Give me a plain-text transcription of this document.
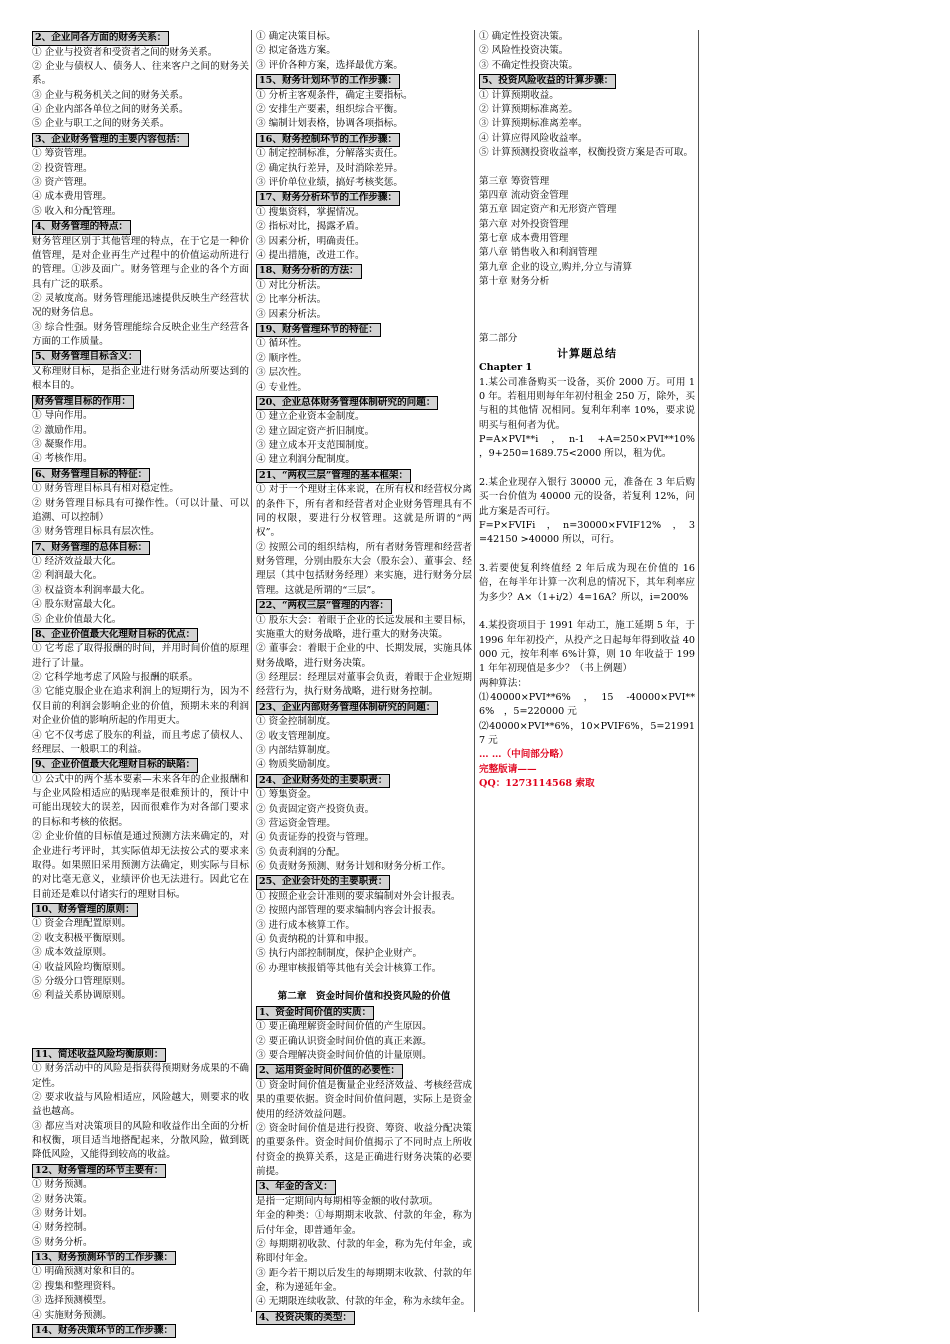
2、企业同各方面的财务关系：
① 企业与投资者和受资者之间的财务关系。
② 企业与债权人、债务人、往来客户之间的财务关系。
③ 企业与税务机关之间的财务关系。
④ 企业内部各单位之间的财务关系。
⑤ 企业与职工之间的财务关系。
3、企业财务管理的主要内容包括：
① 筹资管理。
② 投资管理。
③ 资产管理。
④ 成本费用管理。
⑤ 收入和分配管理。
4、财务管理的特点：
财务管理区别于其他管理的特点，在于它是一种价值管理，是对企业再生产过程中的价值运动所进行的管理。①涉及面广。财务管理与企业的各个方面具有广泛的联系。
② 灵敏度高。财务管理能迅速提供反映生产经营状况的财务信息。
③ 综合性强。财务管理能综合反映企业生产经营各方面的工作质量。
5、财务管理目标含义：
又称理财目标，是指企业进行财务活动所要达到的根本目的。
财务管理目标的作用：
① 导向作用。
② 激励作用。
③ 凝聚作用。
④ 考核作用。
6、财务管理目标的特征：
① 财务管理目标具有相对稳定性。
② 财务管理目标具有可操作性。（可以计量、可以追溯、可以控制）
③ 财务管理目标具有层次性。
7、财务管理的总体目标：
① 经济效益最大化。
② 利润最大化。
③ 权益资本利润率最大化。
④ 股东财富最大化。
⑤ 企业价值最大化。
8、企业价值最大化理财目标的优点：
① 它考虑了取得报酬的时间，并用时间价值的原理进行了计量。
② 它科学地考虑了风险与报酬的联系。
③ 它能克服企业在追求利润上的短期行为，因为不仅目前的利润会影响企业的价值，预期未来的利润对企业价值的影响所起的作用更大。
④ 它不仅考虑了股东的利益，而且考虑了债权人、经理层、一般职工的利益。
9、企业价值最大化理财目标的缺陷：
① 公式中的两个基本要素—未来各年的企业报酬和与企业风险相适应的贴现率是很难预计的，预计中可能出现较大的误差，因而很难作为对各部门要求的目标和考核的依据。
② 企业价值的目标值是通过预测方法来确定的，对企业进行考评时，其实际值却无法按公式的要求来取得。如果照旧采用预测方法确定，则实际与目标的对比毫无意义，业绩评价也无法进行。因此它在目前还是难以付诸实行的理财目标。
10、财务管理的原则：
① 资金合理配置原则。
② 收支积极平衡原则。
③ 成本效益原则。
④ 收益风险均衡原则。
⑤ 分级分口管理原则。
⑥ 利益关系协调原则。
11、简述收益风险均衡原则：
① 财务活动中的风险是指获得预期财务成果的不确定性。
② 要求收益与风险相适应，风险越大，则要求的收益也越高。
③ 都应当对决策项目的风险和收益作出全面的分析和权衡，项目适当地搭配起来，分散风险，做到既降低风险，又能得到较高的收益。
12、财务管理的环节主要有：
① 财务预测。
② 财务决策。
③ 财务计划。
④ 财务控制。
⑤ 财务分析。
13、财务预测环节的工作步骤：
① 明确预测对象和目的。
② 搜集和整理资料。
③ 选择预测模型。
④ 实施财务预测。
14、财务决策环节的工作步骤：
① 确定决策目标。
② 拟定备选方案。
③ 评价各种方案，选择最优方案。
15、财务计划环节的工作步骤：
① 分析主客观条件，确定主要指标。
② 安排生产要素，组织综合平衡。
③ 编制计划表格，协调各项指标。
16、财务控制环节的工作步骤：
① 制定控制标准，分解落实责任。
② 确定执行差异，及时消除差异。
③ 评价单位业绩，搞好考核奖惩。
17、财务分析环节的工作步骤：
① 搜集资料，掌握情况。
② 指标对比，揭露矛盾。
③ 因素分析，明确责任。
④ 提出措施，改进工作。
18、财务分析的方法：
① 对比分析法。
② 比率分析法。
③ 因素分析法。
19、财务管理环节的特征：
① 循环性。
② 顺序性。
③ 层次性。
④ 专业性。
20、企业总体财务管理体制研究的问题：
① 建立企业资本金制度。
② 建立固定资产折旧制度。
③ 建立成本开支范围制度。
④ 建立利润分配制度。
21、“两权三层”管理的基本框架：
① 对于一个理财主体来说，在所有权和经营权分离的条件下，所有者和经营者对企业财务管理具有不同的权限，要进行分权管理。这就是所谓的“两权”。
② 按照公司的组织结构，所有者财务管理和经营者财务管理，分别由股东大会（股东会）、董事会、经理层（其中包括财务经理）来实施，进行财务分层管理。这就是所谓的“三层”。
22、“两权三层”管理的内容：
① 股东大会：着眼于企业的长远发展和主要目标，实施重大的财务战略，进行重大的财务决策。
② 董事会：着眼于企业的中、长期发展，实施具体财务战略，进行财务决策。
③ 经理层：经理层对董事会负责，着眼于企业短期经营行为，执行财务战略，进行财务控制。
23、企业内部财务管理体制研究的问题：
① 资金控制制度。
② 收支管理制度。
③ 内部结算制度。
④ 物质奖励制度。
24、企业财务处的主要职责：
① 筹集资金。
② 负责固定资产投资负责。
③ 营运资金管理。
④ 负责证券的投资与管理。
⑤ 负责利润的分配。
⑥ 负责财务预测、财务计划和财务分析工作。
25、企业会计处的主要职责：
① 按照企业会计准则的要求编制对外会计报表。
② 按照内部管理的要求编制内容会计报表。
③ 进行成本核算工作。
④ 负责纳税的计算和申报。
⑤ 执行内部控制制度，保护企业财产。
⑥ 办理审核报销等其他有关会计核算工作。
第二章　资金时间价值和投资风险的价值
1、资金时间价值的实质：
① 要正确理解资金时间价值的产生原因。
② 要正确认识资金时间价值的真正来源。
③ 要合理解决资金时间价值的计量原则。
2、运用资金时间价值的必要性：
① 资金时间价值是衡量企业经济效益、考核经营成果的重要依据。资金时间价值问题，实际上是资金使用的经济效益问题。
② 资金时间价值是进行投资、筹资、收益分配决策的重要条件。资金时间价值揭示了不同时点上所收付资金的换算关系，这是正确进行财务决策的必要前提。
3、年金的含义：
是指一定期间内每期相等金额的收付款项。
年金的种类：①每期期末收款、付款的年金，称为后付年金，即普通年金。
② 每期期初收款、付款的年金，称为先付年金，或称即付年金。
③ 距今若干期以后发生的每期期末收款、付款的年金，称为递延年金。
④ 无期限连续收款、付款的年金，称为永续年金。
4、投资决策的类型：
① 确定性投资决策。
② 风险性投资决策。
③ 不确定性投资决策。
5、投资风险收益的计算步骤：
① 计算预期收益。
② 计算预期标准离差。
③ 计算预期标准离差率。
④ 计算应得风险收益率。
⑤ 计算预测投资收益率，权衡投资方案是否可取。
第三章 筹资管理
第四章 流动资金管理
第五章 固定资产和无形资产管理
第六章 对外投资管理
第七章 成本费用管理
第八章 销售收入和利润管理
第九章 企业的设立,购并,分立与清算
第十章 财务分析
第二部分
计算题总结
Chapter 1
1.某公司准备购买一设备，买价 2000 万。可用 10 年。若租用则每年年初付租金 250 万，除外，买与租的其他情 况相同。复利年利率 10%，要求说明买与租何者为优。
P=A×PVI**i　，　n-1　+A=250×PVI**10%　，9+250=1689.75<2000 所以，租为优。
2.某企业现存入银行 30000 元，准备在 3 年后购买一台价值为 40000 元的设备，若复利 12%，问此方案是否可行。
F=P×FVIFi　，　n=30000×FVIF12%　，　3=42150 >40000 所以，可行。
3.若要使复利终值经 2 年后成为现在价值的 16 倍，在每半年计算一次利息的情况下，其年利率应为多少？A×（1+i/2）4=16A？所以，i=200%
4.某投资项目于 1991 年动工，施工延期 5 年，于 1996 年年初投产，从投产之日起每年得到收益 40000 元，按年利率 6%计算，则 10 年收益于 1991 年年初现值是多少？（书上例题）
两种算法：
⑴40000×PVI**6%　，　15　-40000×PVI**6%　，5=220000 元
⑵40000×PVI**6%，10×PVIF6%，5=219917 元
… …（中间部分略）
完整版请——
QQ：1273114568 索取
